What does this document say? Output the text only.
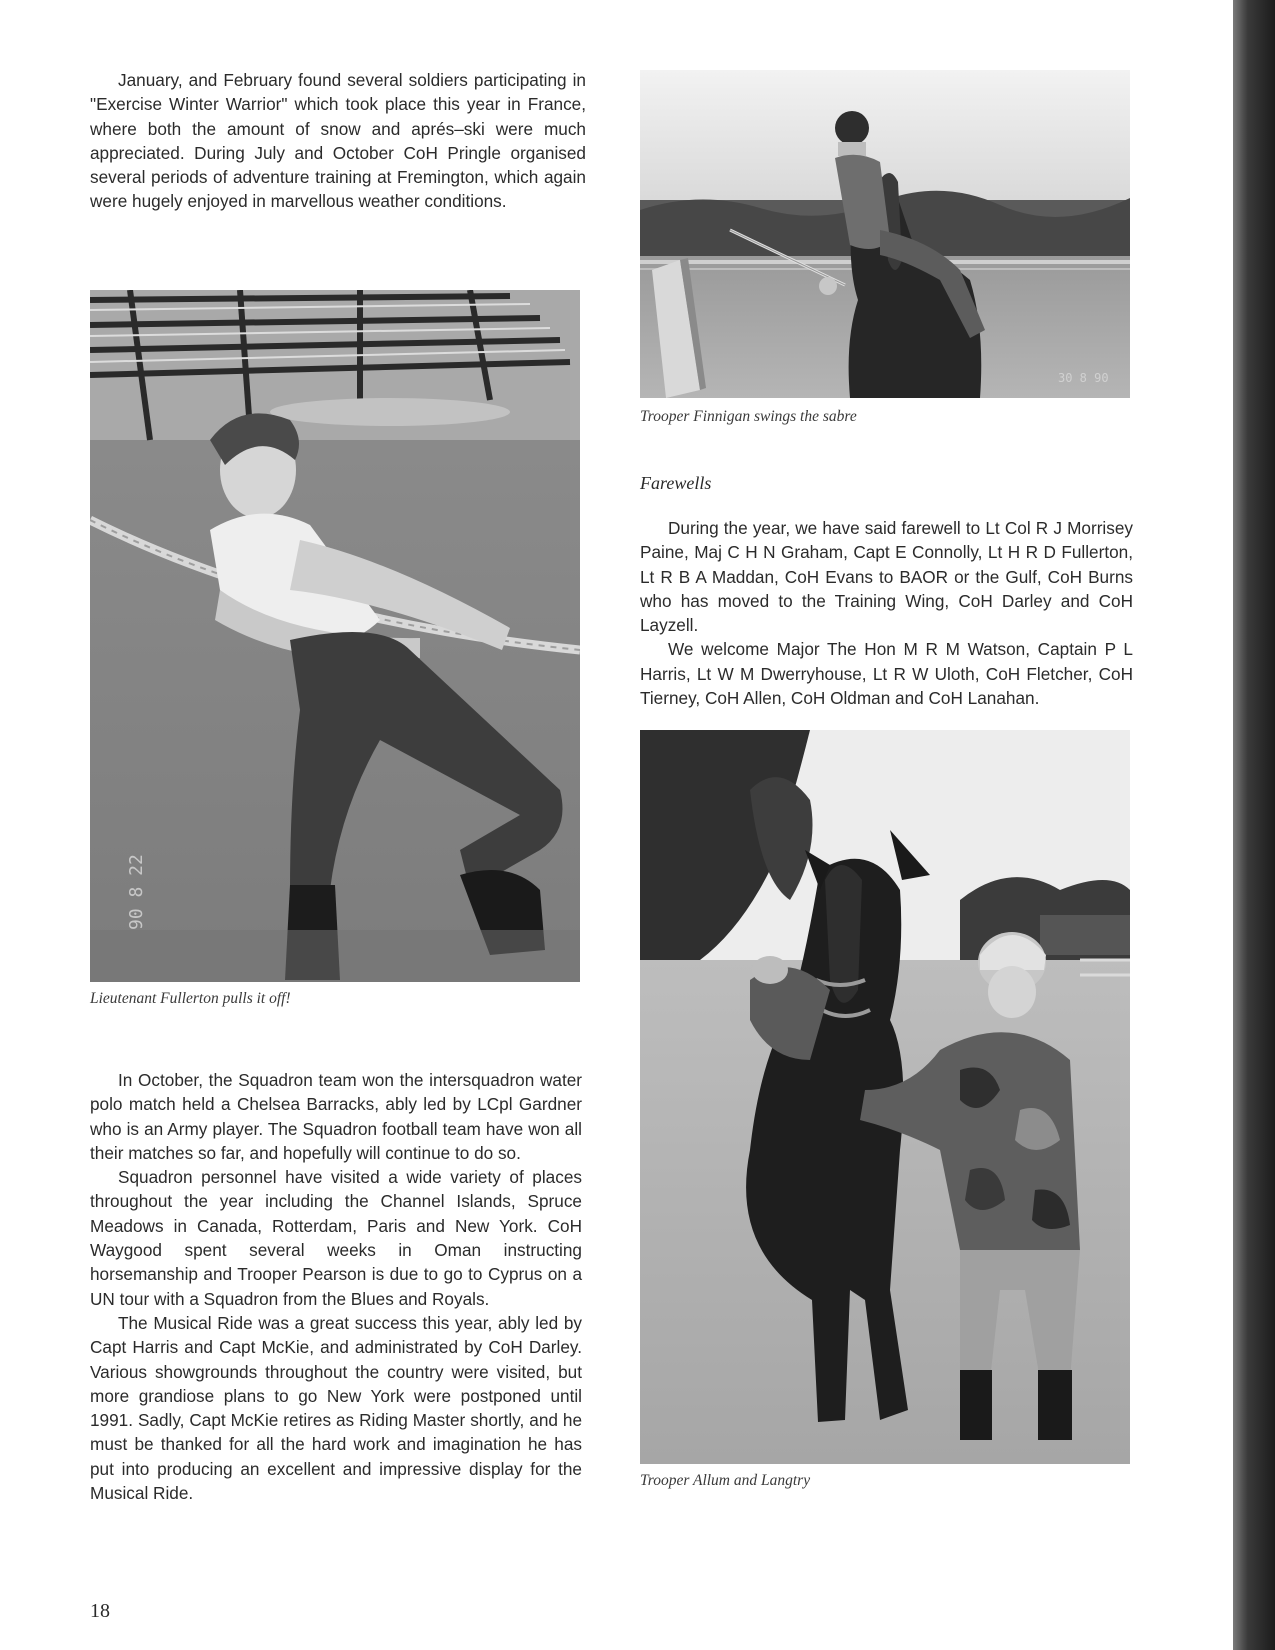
January, and February found several soldiers participating in "Exercise Winter Warrior" which took place this year in France, where both the amount of snow and aprés–ski were much appreciated. During July and October CoH Pringle organised several periods of adventure training at Fremington, which again were hugely enjoyed in marvellous weather conditions.

30 8 90
Trooper Finnigan swings the sabre
90 8 22
Lieutenant Fullerton pulls it off!
Farewells

During the year, we have said farewell to Lt Col R J Morrisey Paine, Maj C H N Graham, Capt E Connolly, Lt H R D Fullerton, Lt R B A Maddan, CoH Evans to BAOR or the Gulf, CoH Burns who has moved to the Training Wing, CoH Darley and CoH Layzell.

We welcome Major The Hon M R M Watson, Captain P L Harris, Lt W M Dwerryhouse, Lt R W Uloth, CoH Fletcher, CoH Tierney, CoH Allen, CoH Oldman and CoH Lanahan.

Trooper Allum and Langtry

In October, the Squadron team won the intersquadron water polo match held a Chelsea Barracks, ably led by LCpl Gardner who is an Army player. The Squadron football team have won all their matches so far, and hopefully will continue to do so.

Squadron personnel have visited a wide variety of places throughout the year including the Channel Islands, Spruce Meadows in Canada, Rotterdam, Paris and New York. CoH Waygood spent several weeks in Oman instructing horsemanship and Trooper Pearson is due to go to Cyprus on a UN tour with a Squadron from the Blues and Royals.

The Musical Ride was a great success this year, ably led by Capt Harris and Capt McKie, and administrated by CoH Darley. Various showgrounds throughout the country were visited, but more grandiose plans to go New York were postponed until 1991. Sadly, Capt McKie retires as Riding Master shortly, and he must be thanked for all the hard work and imagination he has put into producing an excellent and impressive display for the Musical Ride.

18
